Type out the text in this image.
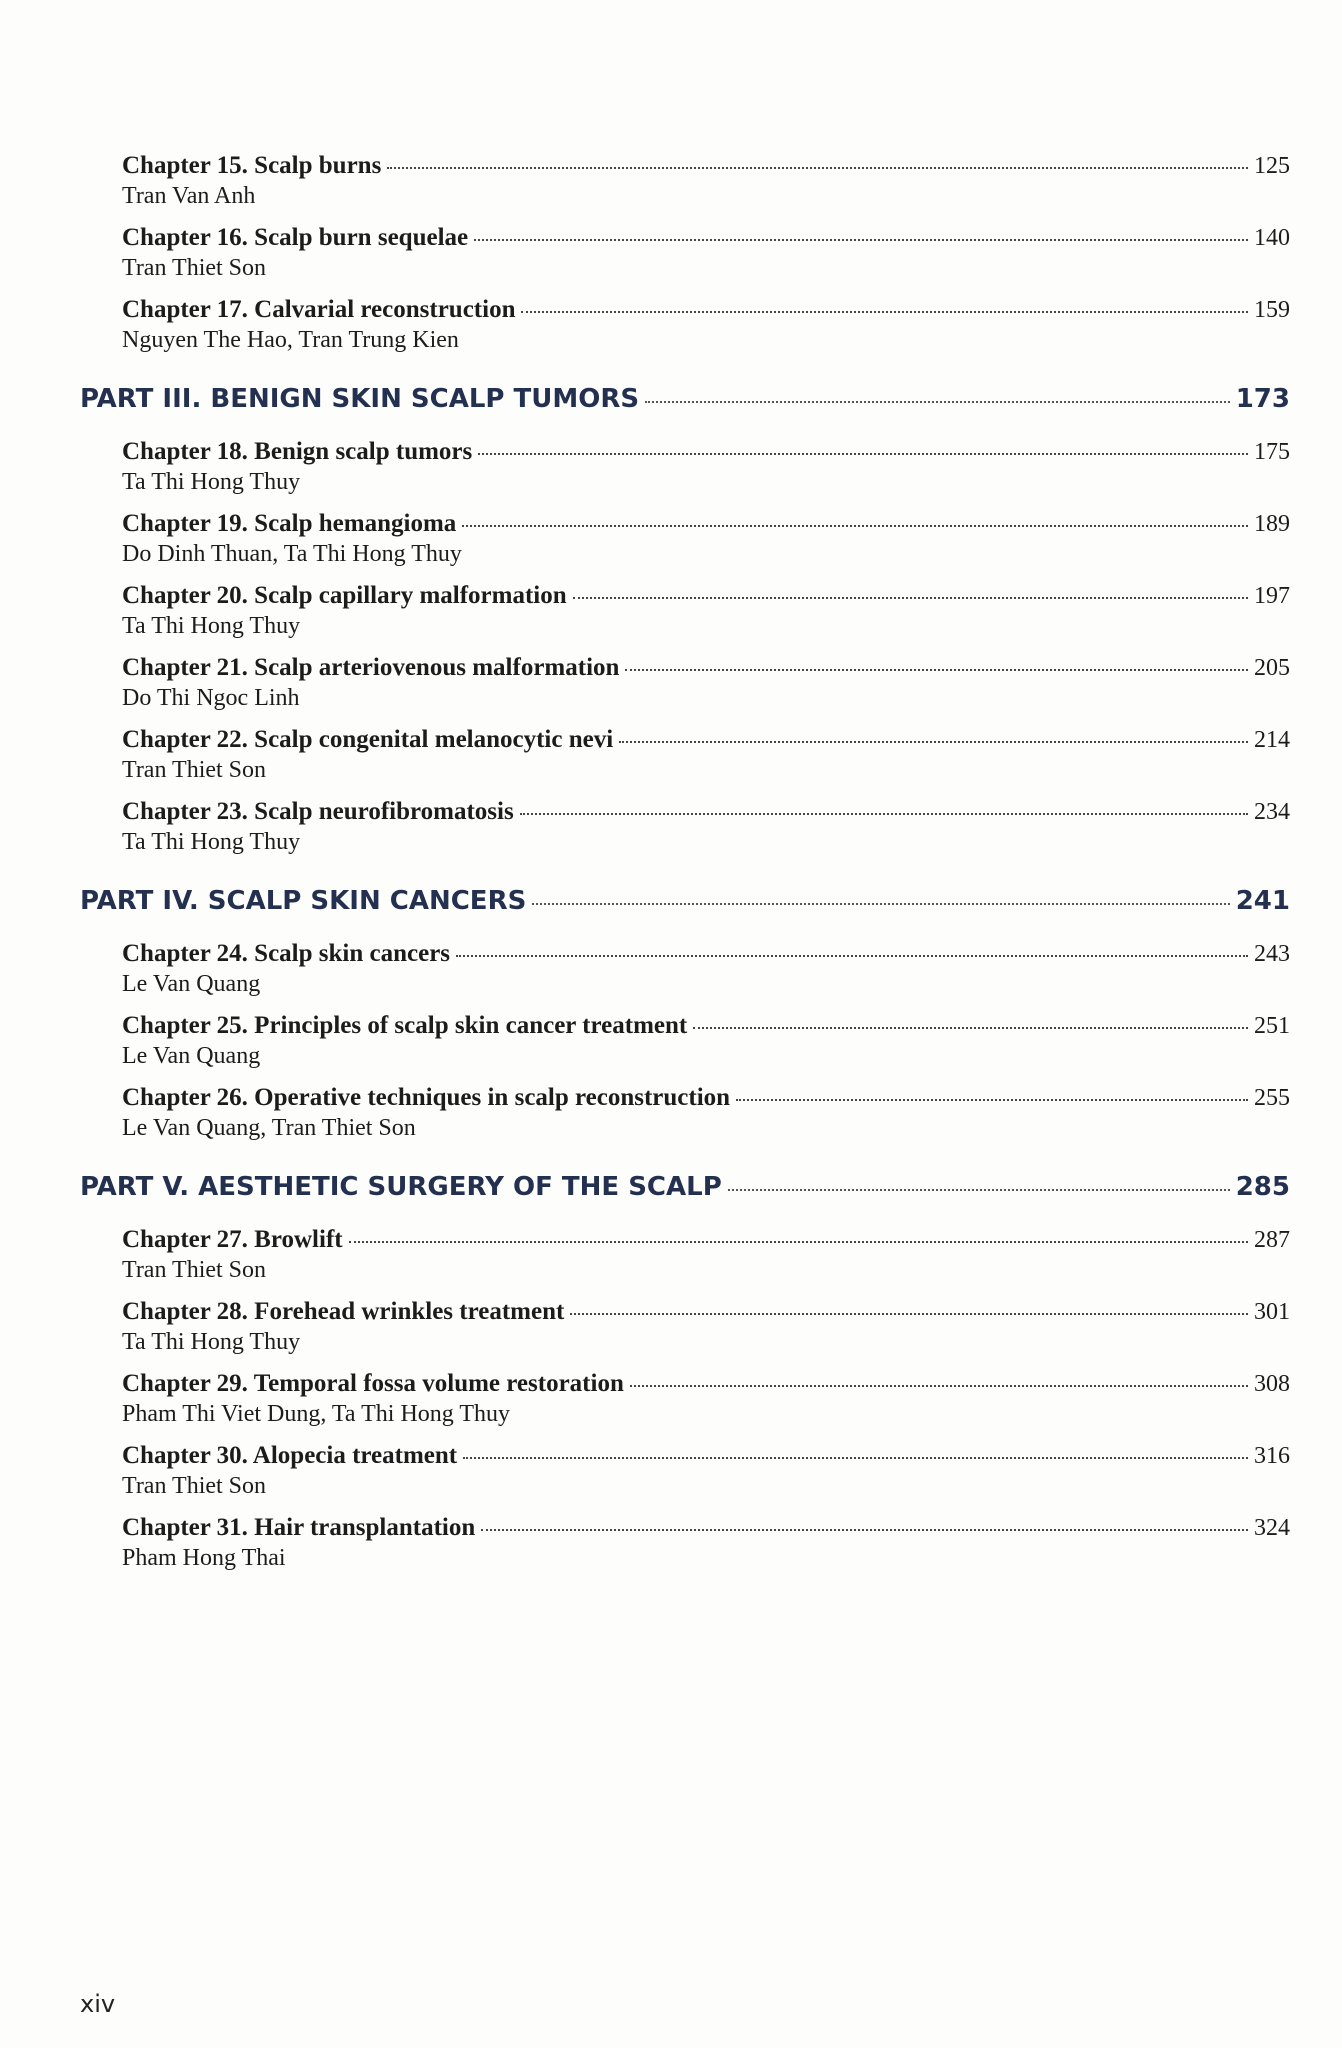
Chapter 15. Scalp burns	125
Tran Van Anh
Chapter 16. Scalp burn sequelae	140
Tran Thiet Son
Chapter 17. Calvarial reconstruction	159
Nguyen The Hao, Tran Trung Kien
PART III. BENIGN SKIN SCALP TUMORS	173
Chapter 18. Benign scalp tumors	175
Ta Thi Hong Thuy
Chapter 19. Scalp hemangioma	189
Do Dinh Thuan, Ta Thi Hong Thuy
Chapter 20. Scalp capillary malformation	197
Ta Thi Hong Thuy
Chapter 21. Scalp arteriovenous malformation	205
Do Thi Ngoc Linh
Chapter 22. Scalp congenital melanocytic nevi	214
Tran Thiet Son
Chapter 23. Scalp neurofibromatosis	234
Ta Thi Hong Thuy
PART IV. SCALP SKIN CANCERS	241
Chapter 24. Scalp skin cancers	243
Le Van Quang
Chapter 25. Principles of scalp skin cancer treatment	251
Le Van Quang
Chapter 26. Operative techniques in scalp reconstruction	255
Le Van Quang, Tran Thiet Son
PART V. AESTHETIC SURGERY OF THE SCALP	285
Chapter 27. Browlift	287
Tran Thiet Son
Chapter 28. Forehead wrinkles treatment	301
Ta Thi Hong Thuy
Chapter 29. Temporal fossa volume restoration	308
Pham Thi Viet Dung, Ta Thi Hong Thuy
Chapter 30. Alopecia treatment	316
Tran Thiet Son
Chapter 31. Hair transplantation	324
Pham Hong Thai
xiv
